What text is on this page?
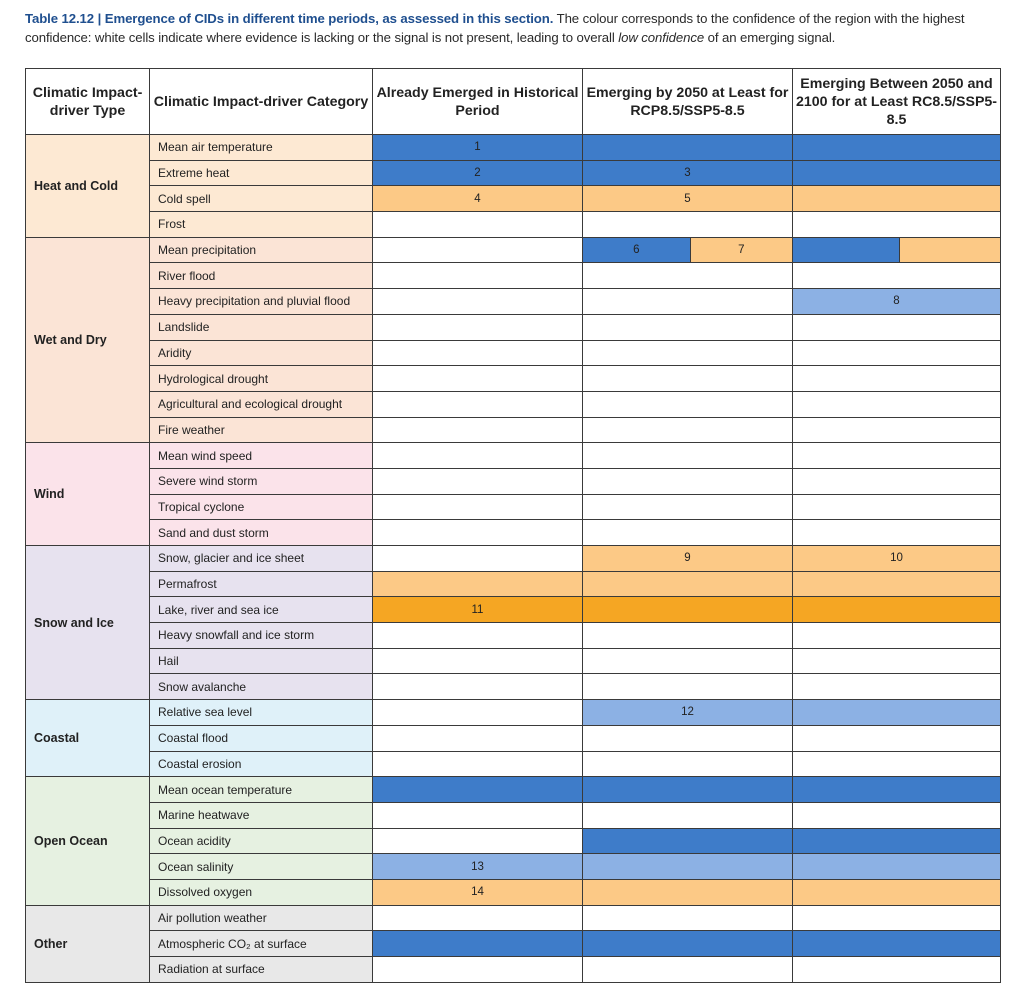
Table 12.12 | Emergence of CIDs in different time periods, as assessed in this section. The colour corresponds to the confidence of the region with the highest confidence: white cells indicate where evidence is lacking or the signal is not present, leading to overall low confidence of an emerging signal.
Climatic Impact-driver Type	Climatic Impact-driver Category	Already Emerged in Historical Period	Emerging by 2050 at Least for RCP8.5/SSP5-8.5	Emerging Between 2050 and 2100 for at Least RC8.5/SSP5-8.5
Heat and Cold	Mean air temperature	1		
	Extreme heat	2	3	
	Cold spell	4	5	
	Frost			
Wet and Dry	Mean precipitation		6 7	

	River flood			
	Heavy precipitation and pluvial flood			8
	Landslide			
	Aridity			
	Hydrological drought			
	Agricultural and ecological drought			
	Fire weather			
Wind	Mean wind speed			
	Severe wind storm			
	Tropical cyclone			
	Sand and dust storm			
Snow and Ice	Snow, glacier and ice sheet		9	10
	Permafrost			
	Lake, river and sea ice	11		
	Heavy snowfall and ice storm			
	Hail			
	Snow avalanche			
Coastal	Relative sea level		12	
	Coastal flood			
	Coastal erosion			
Open Ocean	Mean ocean temperature			
	Marine heatwave			
	Ocean acidity			
	Ocean salinity	13		
	Dissolved oxygen	14		
Other	Air pollution weather			
	Atmospheric CO₂ at surface			
	Radiation at surface			
